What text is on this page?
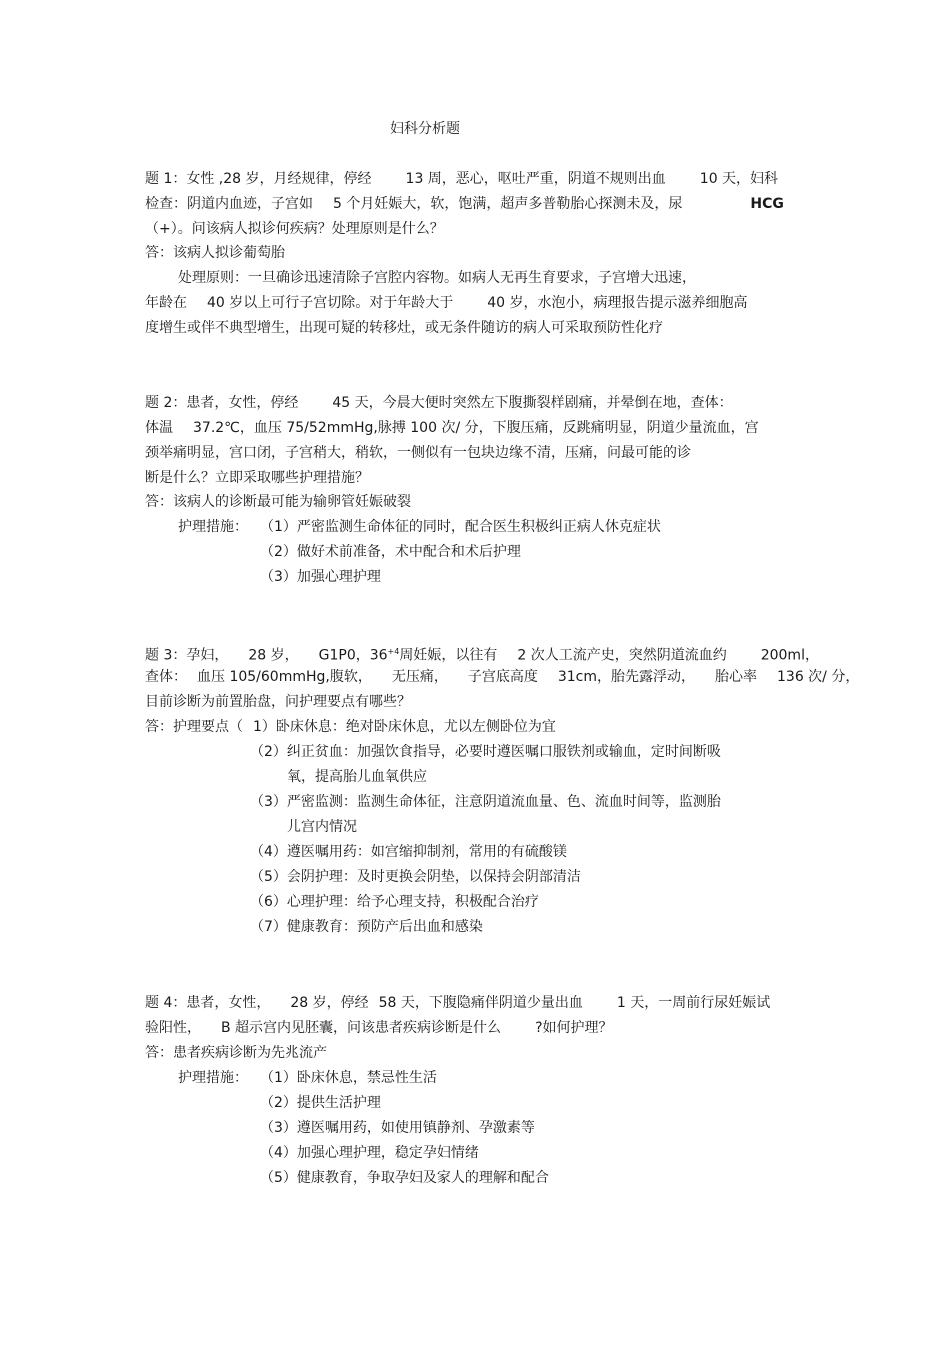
妇科分析题
题 1：女性 ,28 岁，月经规律，停经 13 周，恶心，呕吐严重，阴道不规则出血 10 天，妇科
检查：阴道内血迹，子宫如 5 个月妊娠大，软，饱满，超声多普勒胎心探测未及，尿	HCG
（+）。问该病人拟诊何疾病？处理原则是什么？
答：该病人拟诊葡萄胎
处理原则：一旦确诊迅速清除子宫腔内容物。如病人无再生育要求，子宫增大迅速，
年龄在 40 岁以上可行子宫切除。对于年龄大于 40 岁，水泡小，病理报告提示滋养细胞高
度增生或伴不典型增生，出现可疑的转移灶，或无条件随访的病人可采取预防性化疗
题 2：患者，女性，停经 45 天，今晨大便时突然左下腹撕裂样剧痛，并晕倒在地，查体：
体温 37.2℃，血压 75/52mmHg,脉搏 100 次/ 分，下腹压痛，反跳痛明显，阴道少量流血，宫
颈举痛明显，宫口闭，子宫稍大，稍软，一侧似有一包块边缘不清，压痛，问最可能的诊
断是什么？立即采取哪些护理措施？
答：该病人的诊断最可能为输卵管妊娠破裂
护理措施： （1）严密监测生命体征的同时，配合医生积极纠正病人休克症状
（2）做好术前准备，术中配合和术后护理
（3）加强心理护理
题 3：孕妇， 28 岁， G1P0，$36^{+4}$周妊娠，以往有 2 次人工流产史，突然阴道流血约 200ml，
查体： 血压 105/60mmHg,腹软， 无压痛， 子宫底高度 31cm，胎先露浮动， 胎心率 136 次/ 分，
目前诊断为前置胎盘，问护理要点有哪些？
答：护理要点（ 1）卧床休息：绝对卧床休息，尤以左侧卧位为宜
（2）纠正贫血：加强饮食指导，必要时遵医嘱口服铁剂或输血，定时间断吸
氧，提高胎儿血氧供应
（3）严密监测：监测生命体征，注意阴道流血量、色、流血时间等，监测胎
儿宫内情况
（4）遵医嘱用药：如宫缩抑制剂，常用的有硫酸镁
（5）会阴护理：及时更换会阴垫，以保持会阴部清洁
（6）心理护理：给予心理支持，积极配合治疗
（7）健康教育：预防产后出血和感染
题 4：患者，女性， 28 岁，停经 58 天，下腹隐痛伴阴道少量出血 1 天，一周前行尿妊娠试
验阳性， B 超示宫内见胚囊，问该患者疾病诊断是什么 ?如何护理？
答：患者疾病诊断为先兆流产
护理措施： （1）卧床休息，禁忌性生活
（2）提供生活护理
（3）遵医嘱用药，如使用镇静剂、孕激素等
（4）加强心理护理，稳定孕妇情绪
（5）健康教育，争取孕妇及家人的理解和配合
